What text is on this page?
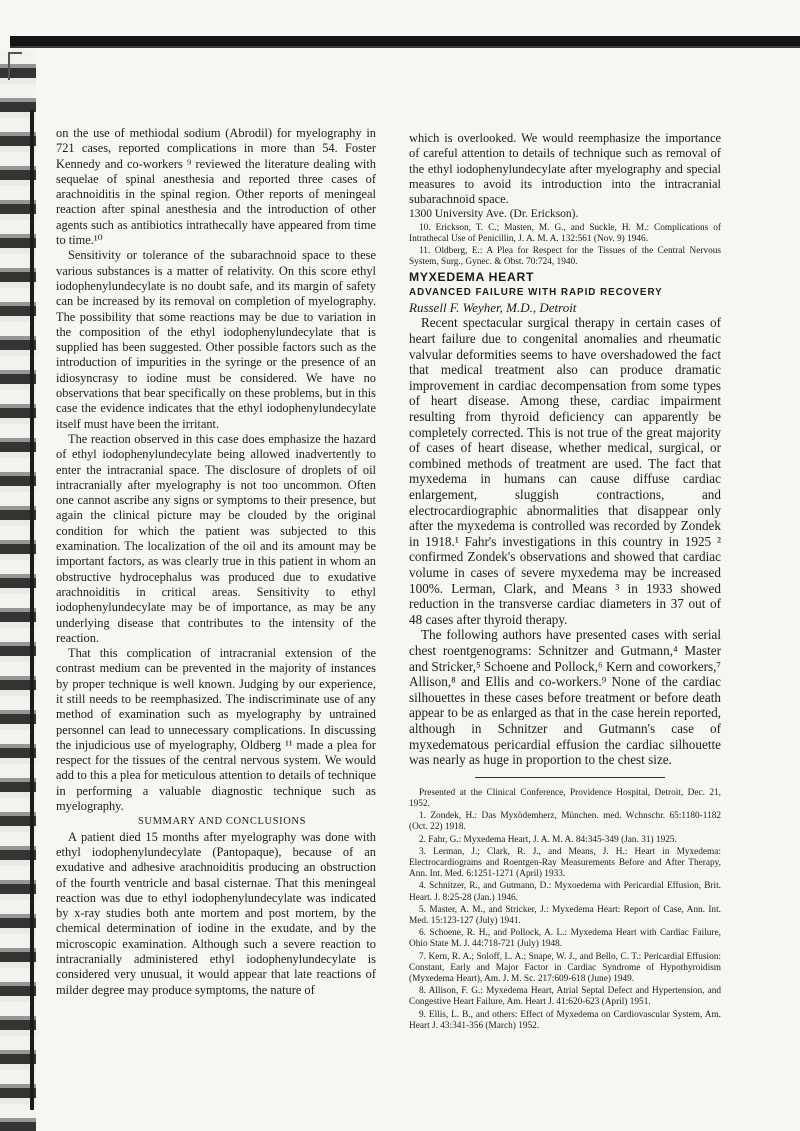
on the use of methiodal sodium (Abrodil) for myelography in 721 cases, reported complications in more than 54. Foster Kennedy and co-workers ⁹ reviewed the literature dealing with sequelae of spinal anesthesia and reported three cases of arachnoiditis in the spinal region. Other reports of meningeal reaction after spinal anesthesia and the introduction of other agents such as antibiotics intrathecally have appeared from time to time.¹⁰

Sensitivity or tolerance of the subarachnoid space to these various substances is a matter of relativity. On this score ethyl iodophenylundecylate is no doubt safe, and its margin of safety can be increased by its removal on completion of myelography. The possibility that some reactions may be due to variation in the composition of the ethyl iodophenylundecylate that is supplied has been suggested. Other possible factors such as the introduction of impurities in the syringe or the presence of an idiosyncrasy to iodine must be considered. We have no observations that bear specifically on these problems, but in this case the evidence indicates that the ethyl iodophenylundecylate itself must have been the irritant.

The reaction observed in this case does emphasize the hazard of ethyl iodophenylundecylate being allowed inadvertently to enter the intracranial space. The disclosure of droplets of oil intracranially after myelography is not too uncommon. Often one cannot ascribe any signs or symptoms to their presence, but again the clinical picture may be clouded by the original condition for which the patient was subjected to this examination. The localization of the oil and its amount may be important factors, as was clearly true in this patient in whom an obstructive hydrocephalus was produced due to exudative arachnoiditis in critical areas. Sensitivity to ethyl iodophenylundecylate may be of importance, as may be any underlying disease that contributes to the intensity of the reaction.

That this complication of intracranial extension of the contrast medium can be prevented in the majority of instances by proper technique is well known. Judging by our experience, it still needs to be reemphasized. The indiscriminate use of any method of examination such as myelography by untrained personnel can lead to unnecessary complications. In discussing the injudicious use of myelography, Oldberg ¹¹ made a plea for respect for the tissues of the central nervous system. We would add to this a plea for meticulous attention to details of technique in performing a valuable diagnostic technique such as myelography.

SUMMARY AND CONCLUSIONS

A patient died 15 months after myelography was done with ethyl iodophenylundecylate (Pantopaque), because of an exudative and adhesive arachnoiditis producing an obstruction of the fourth ventricle and basal cisternae. That this meningeal reaction was due to ethyl iodophenylundecylate was indicated by x-ray studies both ante mortem and post mortem, by the chemical determination of iodine in the exudate, and by the microscopic examination. Although such a severe reaction to intracranially administered ethyl iodophenylundecylate is considered very unusual, it would appear that late reactions of milder degree may produce symptoms, the nature of

which is overlooked. We would reemphasize the importance of careful attention to details of technique such as removal of the ethyl iodophenylundecylate after myelography and special measures to avoid its introduction into the intracranial subarachnoid space.

1300 University Ave. (Dr. Erickson).

10. Erickson, T. C.; Masten, M. G., and Suckle, H. M.: Complications of Intrathecal Use of Penicillin, J. A. M. A. 132:561 (Nov. 9) 1946.

11. Oldberg, E.: A Plea for Respect for the Tissues of the Central Nervous System, Surg., Gynec. & Obst. 70:724, 1940.

MYXEDEMA HEART

ADVANCED FAILURE WITH RAPID RECOVERY

Russell F. Weyher, M.D., Detroit

Recent spectacular surgical therapy in certain cases of heart failure due to congenital anomalies and rheumatic valvular deformities seems to have overshadowed the fact that medical treatment also can produce dramatic improvement in cardiac decompensation from some types of heart disease. Among these, cardiac impairment resulting from thyroid deficiency can apparently be completely corrected. This is not true of the great majority of cases of heart disease, whether medical, surgical, or combined methods of treatment are used. The fact that myxedema in humans can cause diffuse cardiac enlargement, sluggish contractions, and electrocardiographic abnormalities that disappear only after the myxedema is controlled was recorded by Zondek in 1918.¹ Fahr's investigations in this country in 1925 ² confirmed Zondek's observations and showed that cardiac volume in cases of severe myxedema may be increased 100%. Lerman, Clark, and Means ³ in 1933 showed reduction in the transverse cardiac diameters in 37 out of 48 cases after thyroid therapy.

The following authors have presented cases with serial chest roentgenograms: Schnitzer and Gutmann,⁴ Master and Stricker,⁵ Schoene and Pollock,⁶ Kern and coworkers,⁷ Allison,⁸ and Ellis and co-workers.⁹ None of the cardiac silhouettes in these cases before treatment or before death appear to be as enlarged as that in the case herein reported, although in Schnitzer and Gutmann's case of myxedematous pericardial effusion the cardiac silhouette was nearly as huge in proportion to the chest size.

Presented at the Clinical Conference, Providence Hospital, Detroit, Dec. 21, 1952.

1. Zondek, H.: Das Myxödemherz, München. med. Wchnschr. 65:1180-1182 (Oct. 22) 1918.

2. Fahr, G.: Myxedema Heart, J. A. M. A. 84:345-349 (Jan. 31) 1925.

3. Lerman, J.; Clark, R. J., and Means, J. H.: Heart in Myxedema: Electrocardiograms and Roentgen-Ray Measurements Before and After Therapy, Ann. Int. Med. 6:1251-1271 (April) 1933.

4. Schnitzer, R., and Gutmann, D.: Myxoedema with Pericardial Effusion, Brit. Heart. J. 8:25-28 (Jan.) 1946.

5. Master, A. M., and Stricker, J.: Myxedema Heart: Report of Case, Ann. Int. Med. 15:123-127 (July) 1941.

6. Schoene, R. H., and Pollock, A. L.: Myxedema Heart with Cardiac Failure, Ohio State M. J. 44:718-721 (July) 1948.

7. Kern, R. A.; Soloff, L. A.; Snape, W. J., and Bello, C. T.: Pericardial Effusion: Constant, Early and Major Factor in Cardiac Syndrome of Hypothyroidism (Myxedema Heart), Am. J. M. Sc. 217:609-618 (June) 1949.

8. Allison, F. G.: Myxedema Heart, Atrial Septal Defect and Hypertension, and Congestive Heart Failure, Am. Heart J. 41:620-623 (April) 1951.

9. Ellis, L. B., and others: Effect of Myxedema on Cardiovascular System, Am. Heart J. 43:341-356 (March) 1952.
